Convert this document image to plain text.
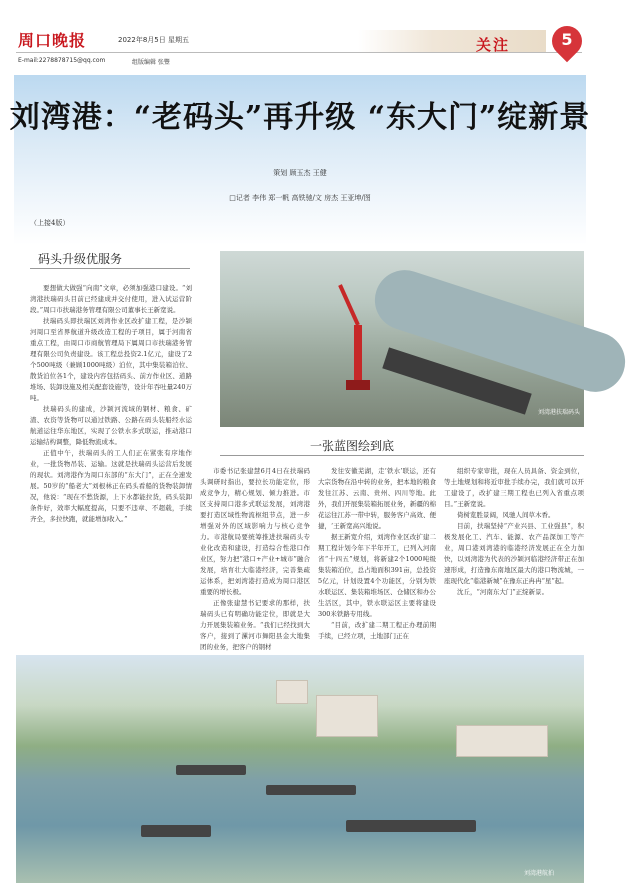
周口晚报	2022年8月5日 星期五
E-mail:2278878715@qq.com	组版编辑 张豐
关注	5
刘湾港：“老码头”再升级 “东大门”绽新景
策划 顾玉杰 王健
□记者 李伟 郑一帆 高铁驰/文 房杰 王亚坤/图
（上接4版）
码头升级优服务

要想做大做强“向南”文章，必须加强港口建设。“刘湾港扶瑞码头目前已经建成并交付使用，进入试运营阶段。”周口市扶瑞港务管理有限公司董事长王新宽说。

扶瑞码头即扶瑞区刘湾作业区改扩建工程，是沙颍河周口至省界航道升级改造工程的子项目，属于河南省重点工程，由周口市商航管理局下属周口市扶瑞港务管理有限公司负责建设。该工程总投资2.1亿元，建设了2个500吨级（兼顾1000吨级）泊位，其中集装箱泊位、散货泊位各1个，建设内容包括码头、前方作业区、道路堆场、装卸设施及相关配套设施等，设计年吞吐量240万吨。

扶瑞码头的建成，沙颍河流域的钢材、粮食、矿渣、农资等货物可以通过铁路、公路在码头装船经水运航道运往华东地区，实现了公铁水多式联运，推动港口运输结构调整，降低物流成本。

正值中午，扶瑞码头的工人们正在紧张有序地作业，一批货物吊装、运输。这就是扶瑞码头运营后发展的现状。刘湾港作为周口东部的“东大门”，正在全速发展。50岁的“船老大”刘根林正在码头看船的货物装卸情况，他说：“现在不愁货源，上下水都能拉货，码头装卸条件好，效率大幅度提高，只要不违章、不超载，手续齐全，多拉快跑，就能增加收入。”

刘湾港扶瑞码头
一张蓝图绘到底

市委书记张建慧6月4日在扶瑞码头调研时指出，要拉长功能定位，形成竞争力，精心规划、倾力推进。市区支持周口港多式联运发展，刘湾港要打造区域性物流枢纽节点，进一步增强对外的区域影响力与核心竞争力。市港航局要统筹推进扶瑞码头专业化改造和建设，打造综合性港口作业区，努力把“港口+产业+城市”融合发展，培育壮大临港经济，完善集疏运体系，把刘湾港打造成为周口港区重要的增长极。

正像张建慧书记要求的那样，扶瑞码头已有明确功能定位，即就是大力开展集装箱业务。“我们已经找到大客户，接到了漯河市舞阳县金大地集团的业务，把客户的钢材

发往安徽芜湖，走‘铁水’联运，还有大宗货物在沿中转的业务，把本地的粮食发往江苏、云南、贵州、四川等地。此外，我们开展集装箱拓展业务，新疆的棉花运往江苏一带中转，服务客户高效、便捷，‘王新宽高兴地说。

据王新宽介绍，刘湾作业区改扩建二期工程计划今年下半年开工，已列入河南省“十四五”规划，将新建2个1000吨级集装箱泊位，总占地面积391亩，总投资5亿元，计划设置4个功能区，分别为铁水联运区、集装箱堆场区、仓储区和办公生活区，其中，铁水联运区主要将建设300米铁路专用线。

“目前，改扩建二期工程正办理前期手续，已经立项，土地部门正在

组织专家审批，现在人员具备、资金到位，等土地规划和将近审批手续办完，我们就可以开工建设了，改扩建三期工程也已列入省重点项目。”王新宽说。

倚树览胜景阔，风驰人间草木香。

目前，扶瑞坚持“产业兴县、工业强县”，积极发展化工、汽车、能源、农产品深加工等产业，周口港刘湾港的临港经济发展正在全力加快，以刘湾港为代表的沙颍河临港经济带正在加速形成，打造豫东南地区最大的港口物流城，一座现代化“临港新城”在豫东正冉冉“星”起。

沈丘，“河南东大门”正绽新景。

刘湾港航拍
